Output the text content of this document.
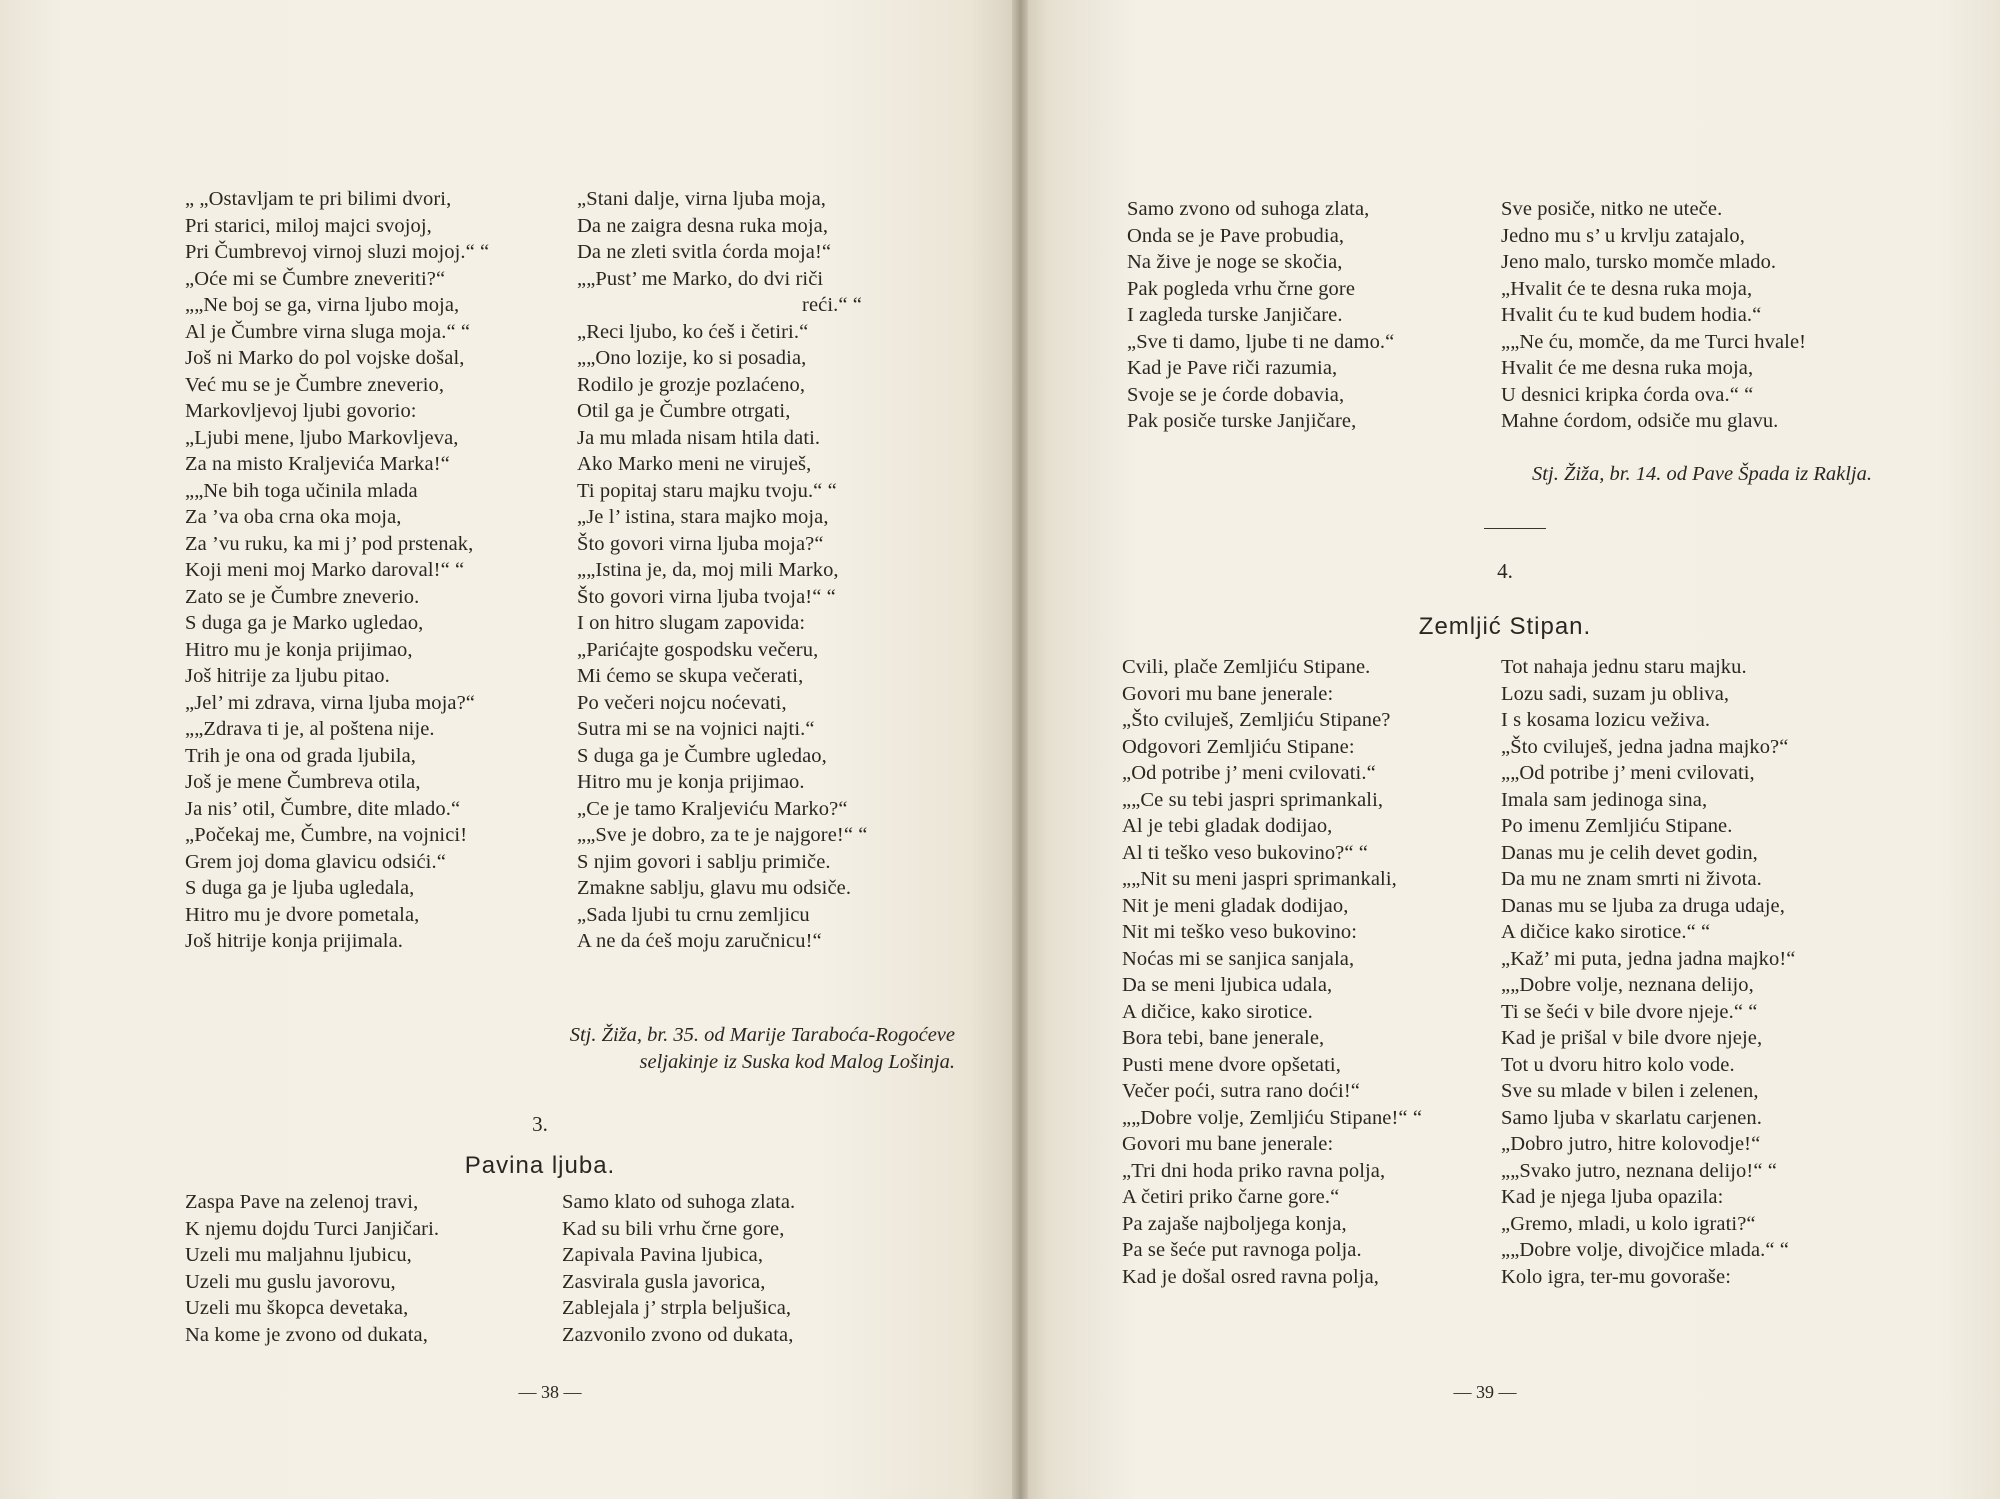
„ „Ostavljam te pri bilimi dvori,
Pri starici, miloj majci svojoj,
Pri Čumbrevoj virnoj sluzi mojoj.“ “
„Oće mi se Čumbre zneveriti?“
„„Ne boj se ga, virna ljubo moja,
Al je Čumbre virna sluga moja.“ “
Još ni Marko do pol vojske došal,
Već mu se je Čumbre zneverio,
Markovljevoj ljubi govorio:
„Ljubi mene, ljubo Markovljeva,
Za na misto Kraljevića Marka!“
„„Ne bih toga učinila mlada
Za ’va oba crna oka moja,
Za ’vu ruku, ka mi j’ pod prstenak,
Koji meni moj Marko daroval!“ “
Zato se je Čumbre zneverio.
S duga ga je Marko ugledao,
Hitro mu je konja prijimao,
Još hitrije za ljubu pitao.
„Jel’ mi zdrava, virna ljuba moja?“
„„Zdrava ti je, al poštena nije.
Trih je ona od grada ljubila,
Još je mene Čumbreva otila,
Ja nis’ otil, Čumbre, dite mlado.“
„Počekaj me, Čumbre, na vojnici!
Grem joj doma glavicu odsići.“
S duga ga je ljuba ugledala,
Hitro mu je dvore pometala,
Još hitrije konja prijimala.
„Stani dalje, virna ljuba moja,
Da ne zaigra desna ruka moja,
Da ne zleti svitla ćorda moja!“
„„Pust’ me Marko, do dvi riči
reći.“ “
„Reci ljubo, ko ćeš i četiri.“
„„Ono lozije, ko si posadia,
Rodilo je grozje pozlaćeno,
Otil ga je Čumbre otrgati,
Ja mu mlada nisam htila dati.
Ako Marko meni ne viruješ,
Ti popitaj staru majku tvoju.“ “
„Je l’ istina, stara majko moja,
Što govori virna ljuba moja?“
„„Istina je, da, moj mili Marko,
Što govori virna ljuba tvoja!“ “
I on hitro slugam zapovida:
„Parićajte gospodsku večeru,
Mi ćemo se skupa večerati,
Po večeri nojcu noćevati,
Sutra mi se na vojnici najti.“
S duga ga je Čumbre ugledao,
Hitro mu je konja prijimao.
„Ce je tamo Kraljeviću Marko?“
„„Sve je dobro, za te je najgore!“ “
S njim govori i sablju primiče.
Zmakne sablju, glavu mu odsiče.
„Sada ljubi tu crnu zemljicu
A ne da ćeš moju zaručnicu!“
Stj. Žiža, br. 35. od Marije Taraboća-Rogoćeve
seljakinje iz Suska kod Malog Lošinja.
3.
Pavina ljuba.
Zaspa Pave na zelenoj travi,
K njemu dojdu Turci Janjičari.
Uzeli mu maljahnu ljubicu,
Uzeli mu guslu javorovu,
Uzeli mu škopca devetaka,
Na kome je zvono od dukata,
Samo klato od suhoga zlata.
Kad su bili vrhu črne gore,
Zapivala Pavina ljubica,
Zasvirala gusla javorica,
Zablejala j’ strpla beljušica,
Zazvonilo zvono od dukata,
— 38 —
Samo zvono od suhoga zlata,
Onda se je Pave probudia,
Na žive je noge se skočia,
Pak pogleda vrhu črne gore
I zagleda turske Janjičare.
„Sve ti damo, ljube ti ne damo.“
Kad je Pave riči razumia,
Svoje se je ćorde dobavia,
Pak posiče turske Janjičare,
Sve posiče, nitko ne uteče.
Jedno mu s’ u krvlju zatajalo,
Jeno malo, tursko momče mlado.
„Hvalit će te desna ruka moja,
Hvalit ću te kud budem hodia.“
„„Ne ću, momče, da me Turci hvale!
Hvalit će me desna ruka moja,
U desnici kripka ćorda ova.“ “
Mahne ćordom, odsiče mu glavu.
Stj. Žiža, br. 14. od Pave Špada iz Raklja.
4.
Zemljić Stipan.
Cvili, plače Zemljiću Stipane.
Govori mu bane jenerale:
„Što cviluješ, Zemljiću Stipane?
Odgovori Zemljiću Stipane:
„Od potribe j’ meni cvilovati.“
„„Ce su tebi jaspri sprimankali,
Al je tebi gladak dodijao,
Al ti teško veso bukovino?“ “
„„Nit su meni jaspri sprimankali,
Nit je meni gladak dodijao,
Nit mi teško veso bukovino:
Noćas mi se sanjica sanjala,
Da se meni ljubica udala,
A dičice, kako sirotice.
Bora tebi, bane jenerale,
Pusti mene dvore opšetati,
Večer poći, sutra rano doći!“
„„Dobre volje, Zemljiću Stipane!“ “
Govori mu bane jenerale:
„Tri dni hoda priko ravna polja,
A četiri priko čarne gore.“
Pa zajaše najboljega konja,
Pa se šeće put ravnoga polja.
Kad je došal osred ravna polja,
Tot nahaja jednu staru majku.
Lozu sadi, suzam ju obliva,
I s kosama lozicu veživa.
„Što cviluješ, jedna jadna majko?“
„„Od potribe j’ meni cvilovati,
Imala sam jedinoga sina,
Po imenu Zemljiću Stipane.
Danas mu je celih devet godin,
Da mu ne znam smrti ni života.
Danas mu se ljuba za druga udaje,
A dičice kako sirotice.“ “
„Kaž’ mi puta, jedna jadna majko!“
„„Dobre volje, neznana delijo,
Ti se šeći v bile dvore njeje.“ “
Kad je prišal v bile dvore njeje,
Tot u dvoru hitro kolo vode.
Sve su mlade v bilen i zelenen,
Samo ljuba v skarlatu carjenen.
„Dobro jutro, hitre kolovodje!“
„„Svako jutro, neznana delijo!“ “
Kad je njega ljuba opazila:
„Gremo, mladi, u kolo igrati?“
„„Dobre volje, divojčice mlada.“ “
Kolo igra, ter-mu govoraše:
— 39 —
